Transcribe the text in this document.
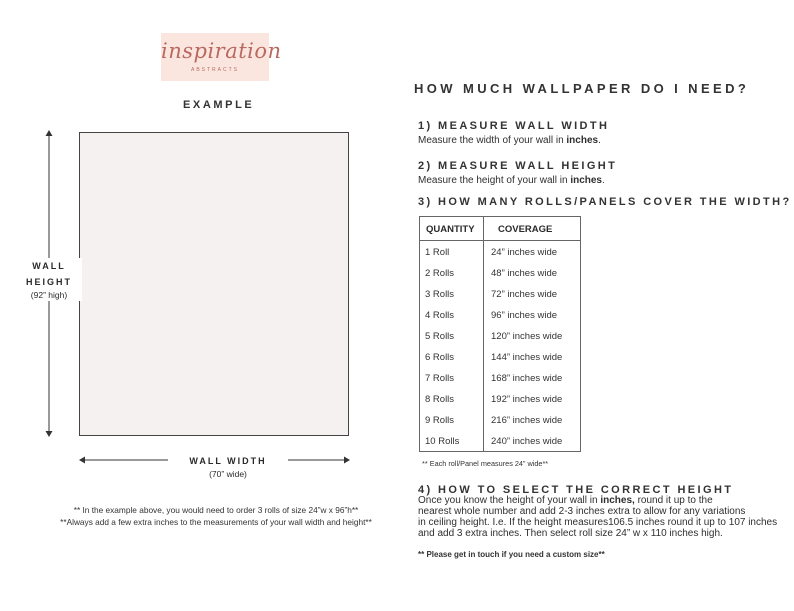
inspiration
ABSTRACTS
EXAMPLE
WALL
HEIGHT
(92” high)
WALL WIDTH
(70” wide)
** In the example above, you would need to order 3 rolls of size 24”w x 96”h**
**Always add a few extra inches to the measurements of your wall width and height**
HOW MUCH WALLPAPER DO I NEED?
1) MEASURE WALL WIDTH
Measure the width of your wall in inches.
2) MEASURE WALL HEIGHT
Measure the height of your wall in inches.
3) HOW MANY ROLLS/PANELS COVER THE WIDTH?
QUANTITY COVERAGE
1 Roll	24” inches wide
2 Rolls	48” inches wide
3 Rolls	72” inches wide
4 Rolls	96” inches wide
5 Rolls	120” inches wide
6 Rolls	144” inches wide
7 Rolls	168” inches wide
8 Rolls	192” inches wide
9 Rolls	216” inches wide
10 Rolls	240” inches wide
** Each roll/Panel measures 24” wide**
4) HOW TO SELECT THE CORRECT HEIGHT
Once you know the height of your wall in inches, round it up to the
nearest whole number and add 2-3 inches extra to allow for any variations
in ceiling height. I.e. If the height measures106.5 inches round it up to 107 inches
and add 3 extra inches. Then select roll size 24” w x 110 inches high.
** Please get in touch if you need a custom size**
